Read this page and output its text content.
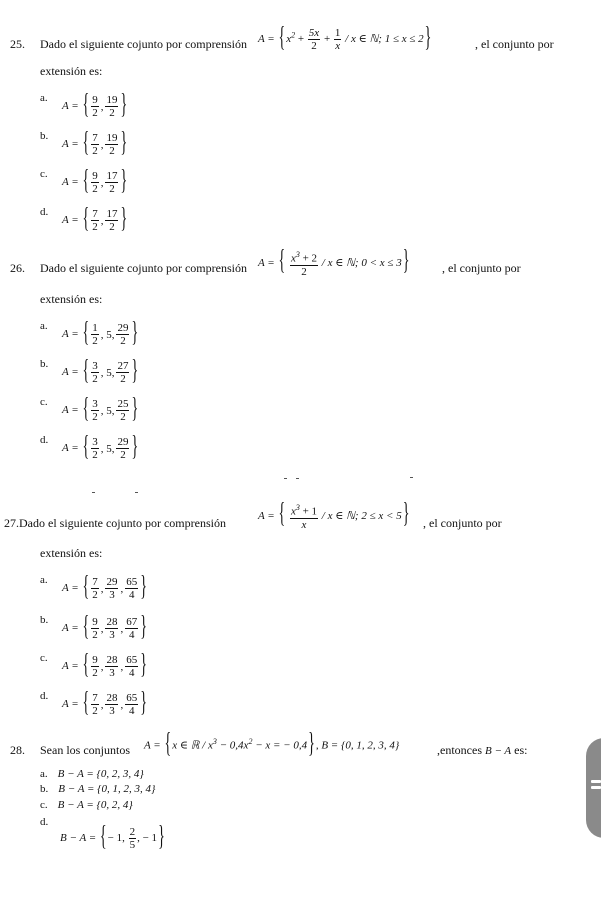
25. Dado el siguiente cojunto por comprensión $A = \{x^2 + \frac{5x}{2} + \frac{1}{x} / x$ ∈ ℕ; 1 ≤ x ≤ 2}	, el conjunto por
extensión es:
a.
A = { $\frac{9}{2}$ , $\frac{19}{2}$ }
b.
A = { $\frac{7}{2}$ , $\frac{19}{2}$ }
c.
A = { $\frac{9}{2}$ , $\frac{17}{2}$ }
d.
A = { $\frac{7}{2}$ , $\frac{17}{2}$ }
26. Dado el siguiente cojunto por comprensión A = { $\frac{x^3 + 2}{2}$ / x ∈ ℕ; 0 < x ≤ 3}	, el conjunto por
extensión es:
a.
A = { $\frac{1}{2}$ , 5, $\frac{29}{2}$ }
b.
A = { $\frac{3}{2}$ , 5, $\frac{27}{2}$ }
c.
A = { $\frac{3}{2}$ , 5, $\frac{25}{2}$ }
d.
A = { $\frac{3}{2}$ , 5, $\frac{29}{2}$ }
27.Dado el siguiente cojunto por comprensión
A = { $\frac{x^3 + 1}{x}$ / x ∈ ℕ; 2 ≤ x < 5} , el conjunto por
extensión es:
a.
A = { $\frac{7}{2}$ , $\frac{29}{3}$ , $\frac{65}{4}$ }
b.
A = { $\frac{9}{2}$ , $\frac{28}{3}$ , $\frac{67}{4}$ }
c.
A = { $\frac{9}{2}$ , $\frac{28}{3}$ , $\frac{65}{4}$ }
d.
A = { $\frac{7}{2}$ , $\frac{28}{3}$ , $\frac{65}{4}$ }
28. Sean los conjuntos A = {x ∈ ℝ / $x^3 - 0,4x^2 - x$ = − 0,4}, B = {0, 1, 2, 3, 4}	,entonces B − A es:
a. B − A = {0, 2, 3, 4}
b. B − A = {0, 1, 2, 3, 4}
c. B − A = {0, 2, 4}
d.
B − A = {− 1, $\frac{2}{5}$ , − 1}
